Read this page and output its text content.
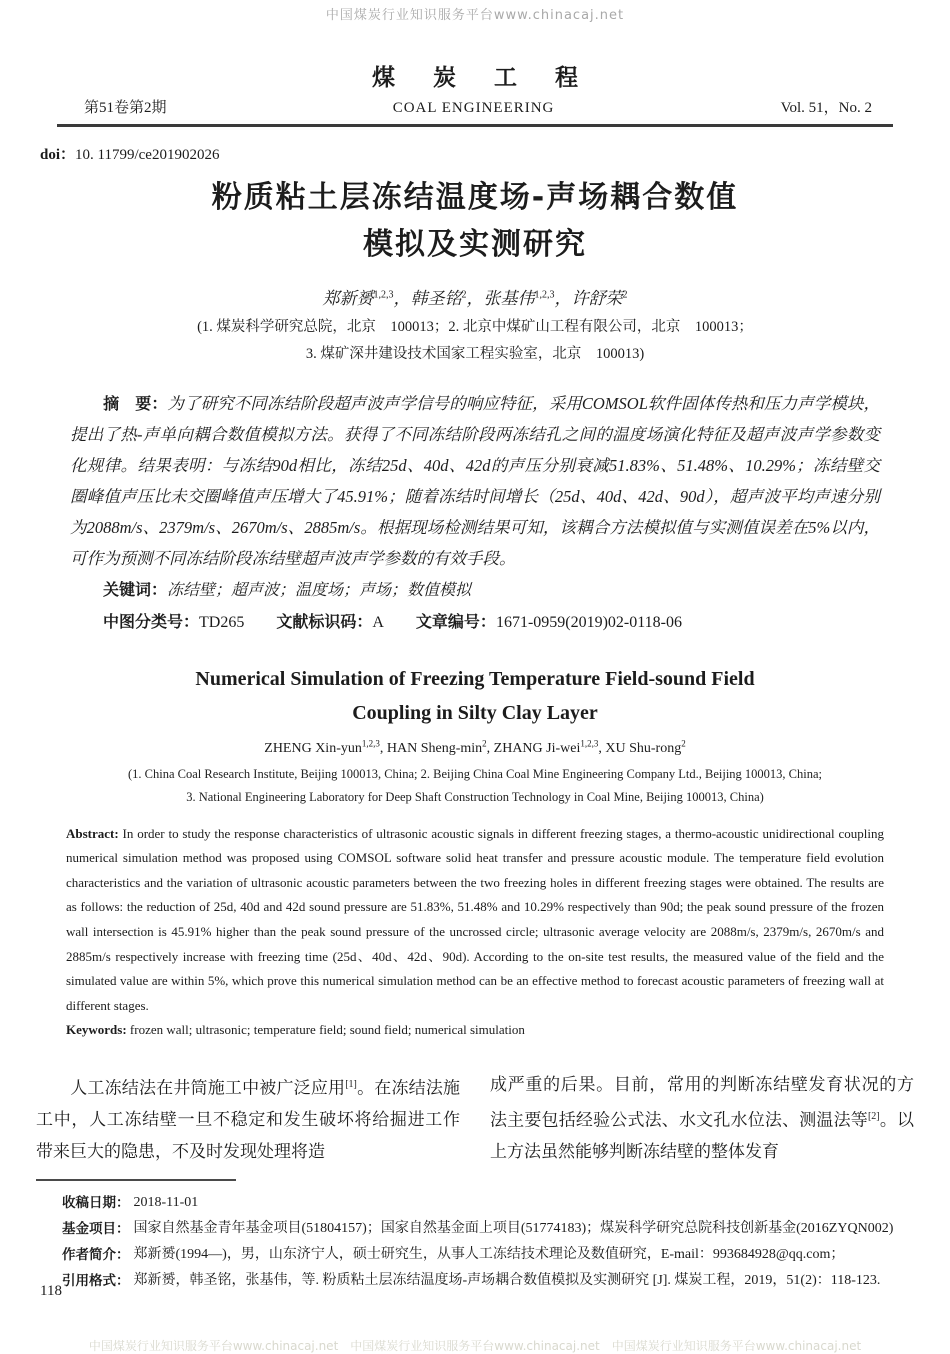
中国煤炭行业知识服务平台www.chinacaj.net
煤 炭 工 程
第51卷第2期	COAL ENGINEERING	Vol. 51，No. 2
doi：10. 11799/ce201902026
粉质粘土层冻结温度场-声场耦合数值
模拟及实测研究
郑新赟$^{1,2,3}$，韩圣铭$^2$，张基伟$^{1,2,3}$，许舒荣$^2$
(1. 煤炭科学研究总院，北京　100013；2. 北京中煤矿山工程有限公司，北京　100013；
3. 煤矿深井建设技术国家工程实验室，北京　100013)
摘　要：为了研究不同冻结阶段超声波声学信号的响应特征，采用COMSOL软件固体传热和压力声学模块，提出了热-声单向耦合数值模拟方法。获得了不同冻结阶段两冻结孔之间的温度场演化特征及超声波声学参数变化规律。结果表明：与冻结90d相比，冻结25d、40d、42d的声压分别衰减51.83%、51.48%、10.29%；冻结壁交圈峰值声压比未交圈峰值声压增大了45.91%；随着冻结时间增长（25d、40d、42d、90d），超声波平均声速分别为2088m/s、2379m/s、2670m/s、2885m/s。根据现场检测结果可知，该耦合方法模拟值与实测值误差在5%以内，可作为预测不同冻结阶段冻结壁超声波声学参数的有效手段。
关键词：冻结壁；超声波；温度场；声场；数值模拟
中图分类号：TD265 文献标识码：A 文章编号：1671-0959(2019)02-0118-06
Numerical Simulation of Freezing Temperature Field-sound Field
Coupling in Silty Clay Layer
ZHENG Xin-yun$^{1,2,3}$, HAN Sheng-$\min^2$, ZHANG Ji-wei$^{1,2,3}$, XU Shu-rong$^2$
(1. China Coal Research Institute, Beijing 100013, China; 2. Beijing China Coal Mine Engineering Company Ltd., Beijing 100013, China;
3. National Engineering Laboratory for Deep Shaft Construction Technology in Coal Mine, Beijing 100013, China)
Abstract: In order to study the response characteristics of ultrasonic acoustic signals in different freezing stages, a thermo-acoustic unidirectional coupling numerical simulation method was proposed using COMSOL software solid heat transfer and pressure acoustic module. The temperature field evolution characteristics and the variation of ultrasonic acoustic parameters between the two freezing holes in different freezing stages were obtained. The results are as follows: the reduction of 25d, 40d and 42d sound pressure are 51.83%, 51.48% and 10.29% respectively than 90d; the peak sound pressure of the frozen wall intersection is 45.91% higher than the peak sound pressure of the uncrossed circle; ultrasonic average velocity are 2088m/s, 2379m/s, 2670m/s and 2885m/s respectively increase with freezing time (25d、40d、42d、90d). According to the on-site test results, the measured value of the field and the simulated value are within 5%, which prove this numerical simulation method can be an effective method to forecast acoustic parameters of freezing wall at different stages.
Keywords: frozen wall; ultrasonic; temperature field; sound field; numerical simulation
人工冻结法在井筒施工中被广泛应用[1]。在冻结法施工中，人工冻结壁一旦不稳定和发生破坏将给掘进工作带来巨大的隐患，不及时发现处理将造
成严重的后果。目前，常用的判断冻结壁发育状况的方法主要包括经验公式法、水文孔水位法、测温法等[2]。以上方法虽然能够判断冻结壁的整体发育
收稿日期： 2018-11-01
基金项目： 国家自然基金青年基金项目(51804157)；国家自然基金面上项目(51774183)；煤炭科学研究总院科技创新基金(2016ZYQN002)
作者简介： 郑新赟(1994—)，男，山东济宁人，硕士研究生，从事人工冻结技术理论及数值研究，E-mail：993684928@qq.com；
引用格式： 郑新赟，韩圣铭，张基伟，等. 粉质粘土层冻结温度场-声场耦合数值模拟及实测研究 [J]. 煤炭工程，2019，51(2)：118-123.
118
中国煤炭行业知识服务平台www.chinacaj.net　中国煤炭行业知识服务平台www.chinacaj.net　中国煤炭行业知识服务平台www.chinacaj.net
